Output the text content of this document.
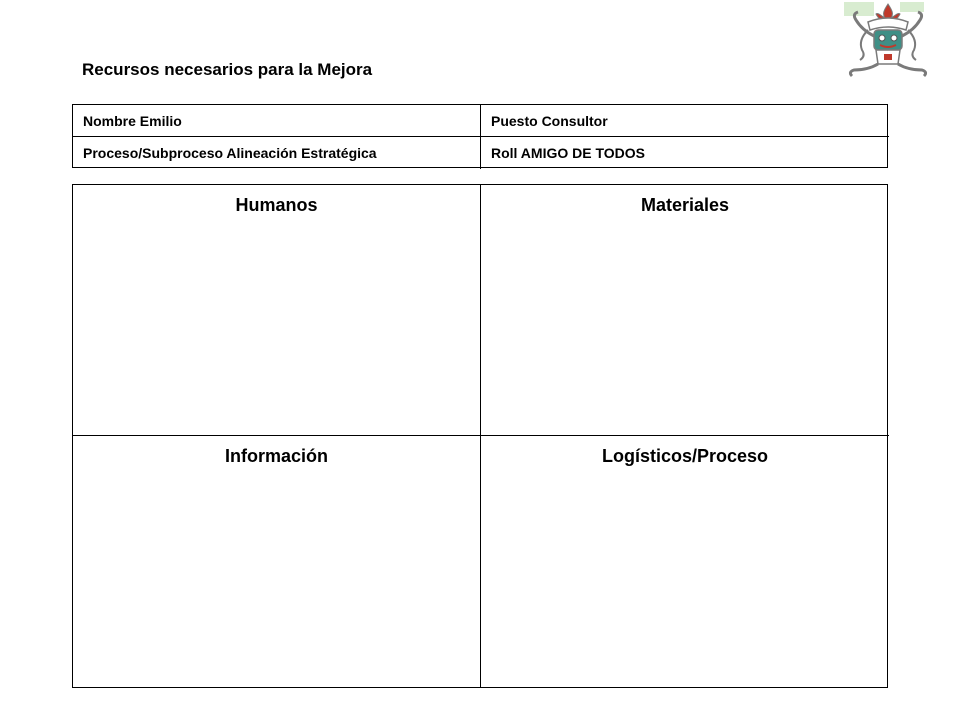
Recursos necesarios para la Mejora
Nombre Emilio	Puesto Consultor
Proceso/Subproceso Alineación Estratégica	Roll AMIGO DE TODOS
Humanos	Materiales
Información	Logísticos/Proceso
